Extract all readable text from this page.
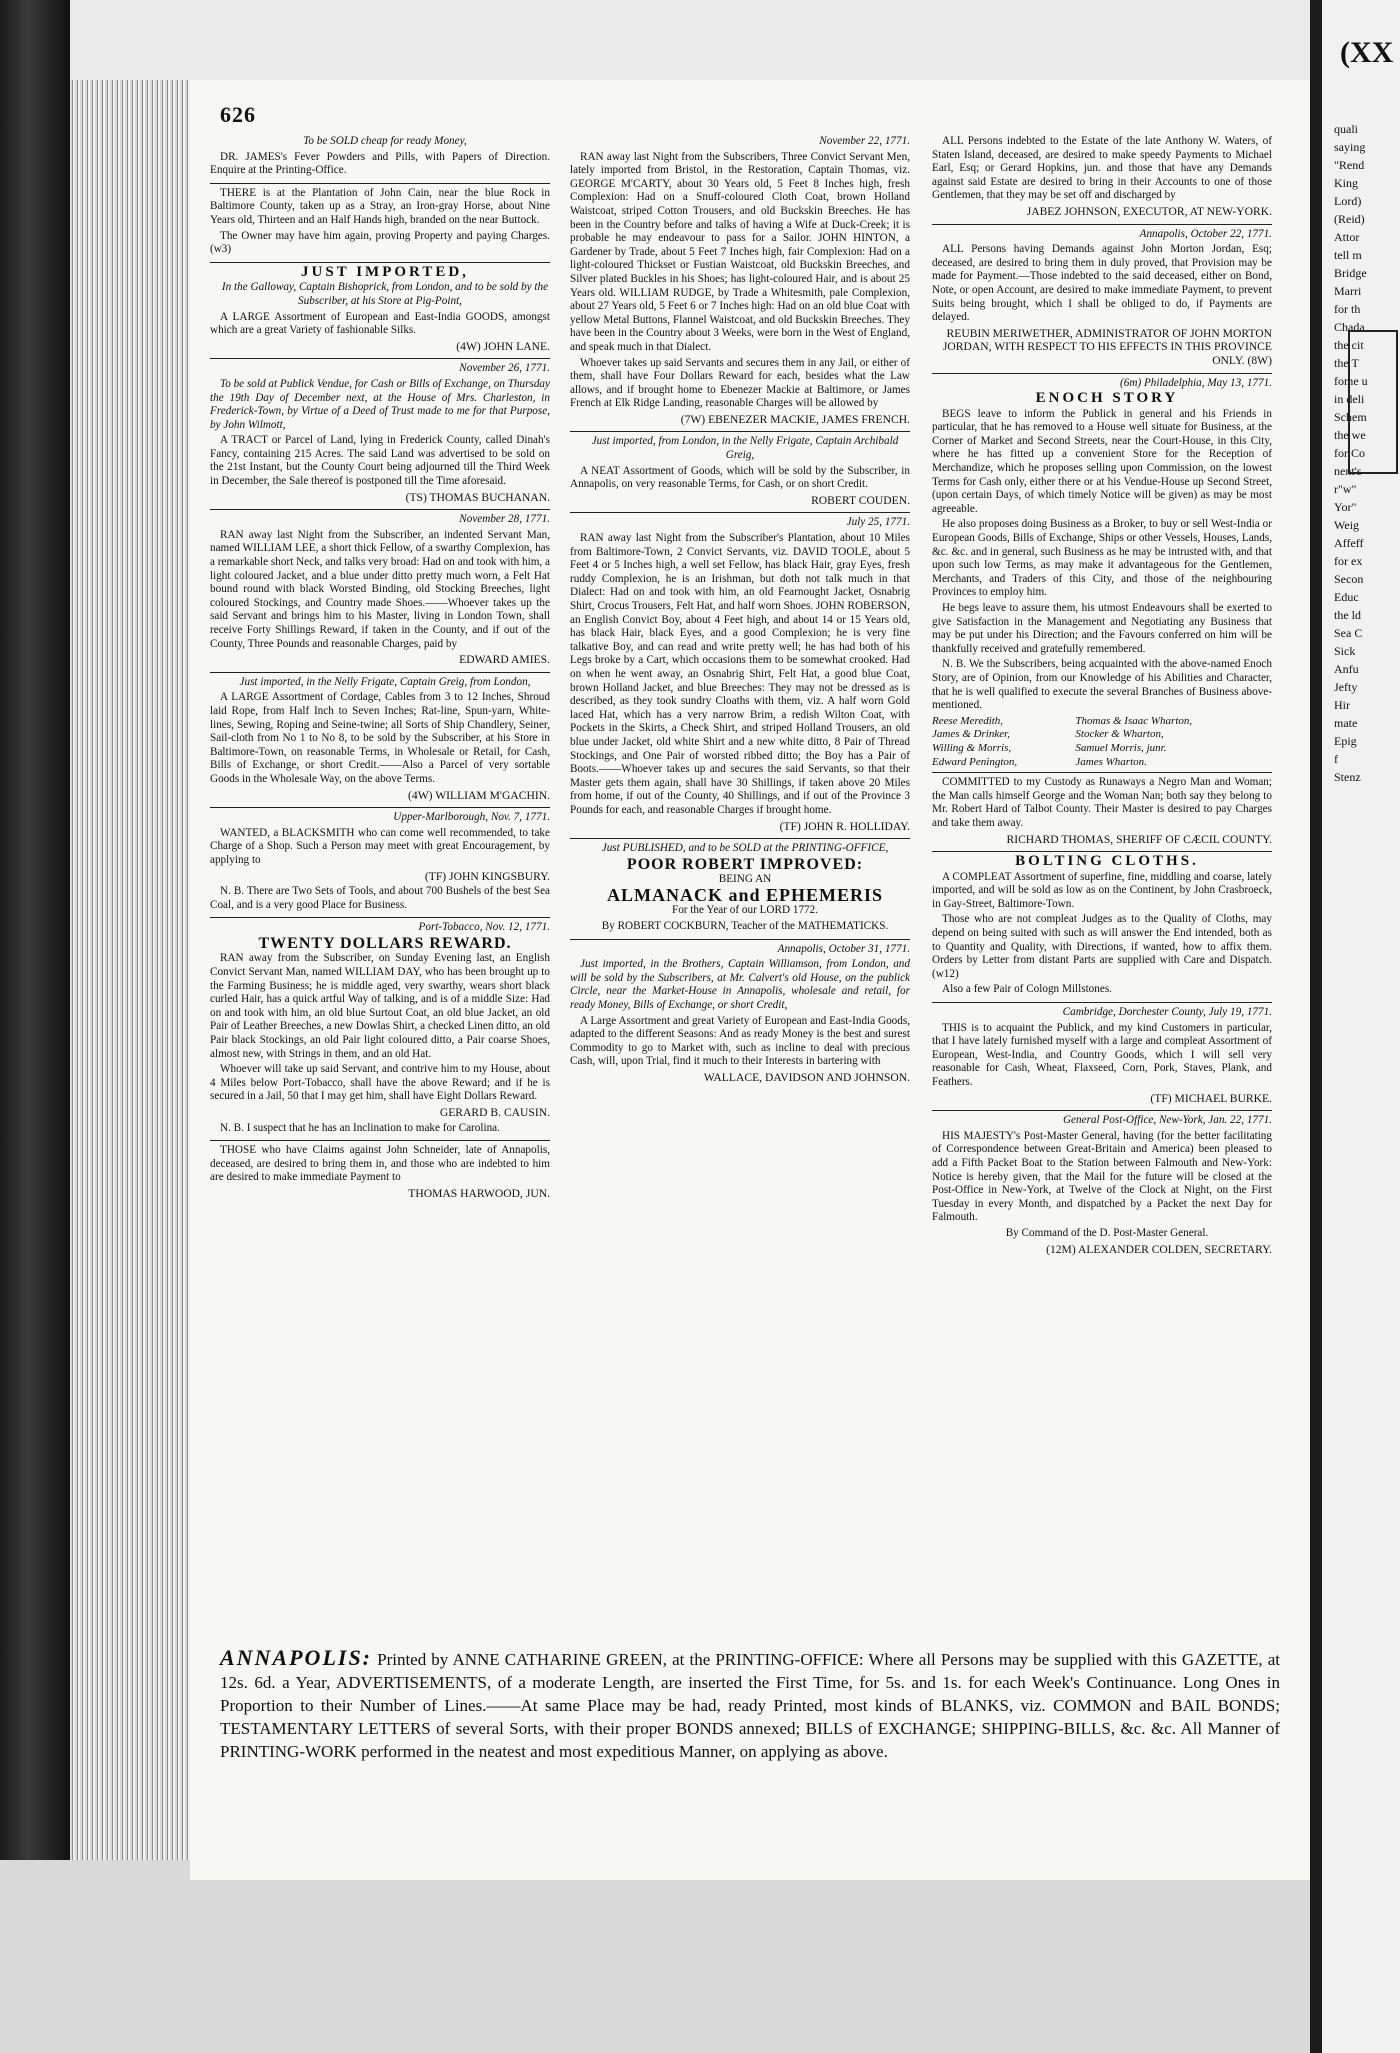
626

To be SOLD cheap for ready Money,

DR. JAMES's Fever Powders and Pills, with Papers of Direction. Enquire at the Printing-Office.

THERE is at the Plantation of John Cain, near the blue Rock in Baltimore County, taken up as a Stray, an Iron-gray Horse, about Nine Years old, Thirteen and an Half Hands high, branded on the near Buttock.

The Owner may have him again, proving Property and paying Charges. (w3)

JUST IMPORTED,

In the Galloway, Captain Bishoprick, from London, and to be sold by the Subscriber, at his Store at Pig-Point,

A LARGE Assortment of European and East-India GOODS, amongst which are a great Variety of fashionable Silks.

(4W) JOHN LANE.

November 26, 1771.

To be sold at Publick Vendue, for Cash or Bills of Exchange, on Thursday the 19th Day of December next, at the House of Mrs. Charleston, in Frederick-Town, by Virtue of a Deed of Trust made to me for that Purpose, by John Wilmott,

A TRACT or Parcel of Land, lying in Frederick County, called Dinah's Fancy, containing 215 Acres. The said Land was advertised to be sold on the 21st Instant, but the County Court being adjourned till the Third Week in December, the Sale thereof is postponed till the Time aforesaid.

(TS) THOMAS BUCHANAN.

November 28, 1771.

RAN away last Night from the Subscriber, an indented Servant Man, named WILLIAM LEE, a short thick Fellow, of a swarthy Complexion, has a remarkable short Neck, and talks very broad: Had on and took with him, a light coloured Jacket, and a blue under ditto pretty much worn, a Felt Hat bound round with black Worsted Binding, old Stocking Breeches, light coloured Stockings, and Country made Shoes.——Whoever takes up the said Servant and brings him to his Master, living in London Town, shall receive Forty Shillings Reward, if taken in the County, and if out of the County, Three Pounds and reasonable Charges, paid by

EDWARD AMIES.

Just imported, in the Nelly Frigate, Captain Greig, from London,

A LARGE Assortment of Cordage, Cables from 3 to 12 Inches, Shroud laid Rope, from Half Inch to Seven Inches; Rat-line, Spun-yarn, White-lines, Sewing, Roping and Seine-twine; all Sorts of Ship Chandlery, Seiner, Sail-cloth from No 1 to No 8, to be sold by the Subscriber, at his Store in Baltimore-Town, on reasonable Terms, in Wholesale or Retail, for Cash, Bills of Exchange, or short Credit.——Also a Parcel of very sortable Goods in the Wholesale Way, on the above Terms.

(4W) WILLIAM M'GACHIN.

Upper-Marlborough, Nov. 7, 1771.

WANTED, a BLACKSMITH who can come well recommended, to take Charge of a Shop. Such a Person may meet with great Encouragement, by applying to

(TF) JOHN KINGSBURY.

N. B. There are Two Sets of Tools, and about 700 Bushels of the best Sea Coal, and is a very good Place for Business.

Port-Tobacco, Nov. 12, 1771.

TWENTY DOLLARS REWARD.

RAN away from the Subscriber, on Sunday Evening last, an English Convict Servant Man, named WILLIAM DAY, who has been brought up to the Farming Business; he is middle aged, very swarthy, wears short black curled Hair, has a quick artful Way of talking, and is of a middle Size: Had on and took with him, an old blue Surtout Coat, an old blue Jacket, an old Pair of Leather Breeches, a new Dowlas Shirt, a checked Linen ditto, an old Pair black Stockings, an old Pair light coloured ditto, a Pair coarse Shoes, almost new, with Strings in them, and an old Hat.

Whoever will take up said Servant, and contrive him to my House, about 4 Miles below Port-Tobacco, shall have the above Reward; and if he is secured in a Jail, 50 that I may get him, shall have Eight Dollars Reward.

GERARD B. CAUSIN.

N. B. I suspect that he has an Inclination to make for Carolina.

THOSE who have Claims against John Schneider, late of Annapolis, deceased, are desired to bring them in, and those who are indebted to him are desired to make immediate Payment to

THOMAS HARWOOD, JUN.

November 22, 1771.

RAN away last Night from the Subscribers, Three Convict Servant Men, lately imported from Bristol, in the Restoration, Captain Thomas, viz. GEORGE M'CARTY, about 30 Years old, 5 Feet 8 Inches high, fresh Complexion: Had on a Snuff-coloured Cloth Coat, brown Holland Waistcoat, striped Cotton Trousers, and old Buckskin Breeches. He has been in the Country before and talks of having a Wife at Duck-Creek; it is probable he may endeavour to pass for a Sailor. JOHN HINTON, a Gardener by Trade, about 5 Feet 7 Inches high, fair Complexion: Had on a light-coloured Thickset or Fustian Waistcoat, old Buckskin Breeches, and Silver plated Buckles in his Shoes; has light-coloured Hair, and is about 25 Years old. WILLIAM RUDGE, by Trade a Whitesmith, pale Complexion, about 27 Years old, 5 Feet 6 or 7 Inches high: Had on an old blue Coat with yellow Metal Buttons, Flannel Waistcoat, and old Buckskin Breeches. They have been in the Country about 3 Weeks, were born in the West of England, and speak much in that Dialect.

Whoever takes up said Servants and secures them in any Jail, or either of them, shall have Four Dollars Reward for each, besides what the Law allows, and if brought home to Ebenezer Mackie at Baltimore, or James French at Elk Ridge Landing, reasonable Charges will be allowed by

(7W) EBENEZER MACKIE, JAMES FRENCH.

Just imported, from London, in the Nelly Frigate, Captain Archibald Greig,

A NEAT Assortment of Goods, which will be sold by the Subscriber, in Annapolis, on very reasonable Terms, for Cash, or on short Credit.

ROBERT COUDEN.

July 25, 1771.

RAN away last Night from the Subscriber's Plantation, about 10 Miles from Baltimore-Town, 2 Convict Servants, viz. DAVID TOOLE, about 5 Feet 4 or 5 Inches high, a well set Fellow, has black Hair, gray Eyes, fresh ruddy Complexion, he is an Irishman, but doth not talk much in that Dialect: Had on and took with him, an old Fearnought Jacket, Osnabrig Shirt, Crocus Trousers, Felt Hat, and half worn Shoes. JOHN ROBERSON, an English Convict Boy, about 4 Feet high, and about 14 or 15 Years old, has black Hair, black Eyes, and a good Complexion; he is very fine talkative Boy, and can read and write pretty well; he has had both of his Legs broke by a Cart, which occasions them to be somewhat crooked. Had on when he went away, an Osnabrig Shirt, Felt Hat, a good blue Coat, brown Holland Jacket, and blue Breeches: They may not be dressed as is described, as they took sundry Cloaths with them, viz. A half worn Gold laced Hat, which has a very narrow Brim, a redish Wilton Coat, with Pockets in the Skirts, a Check Shirt, and striped Holland Trousers, an old blue under Jacket, old white Shirt and a new white ditto, 8 Pair of Thread Stockings, and One Pair of worsted ribbed ditto; the Boy has a Pair of Boots.——Whoever takes up and secures the said Servants, so that their Master gets them again, shall have 30 Shillings, if taken above 20 Miles from home, if out of the County, 40 Shillings, and if out of the Province 3 Pounds for each, and reasonable Charges if brought home.

(TF) JOHN R. HOLLIDAY.

Just PUBLISHED, and to be SOLD at the PRINTING-OFFICE,

POOR ROBERT IMPROVED:

BEING AN

ALMANACK and EPHEMERIS

For the Year of our LORD 1772.

By ROBERT COCKBURN, Teacher of the MATHEMATICKS.

Annapolis, October 31, 1771.

Just imported, in the Brothers, Captain Williamson, from London, and will be sold by the Subscribers, at Mr. Calvert's old House, on the publick Circle, near the Market-House in Annapolis, wholesale and retail, for ready Money, Bills of Exchange, or short Credit,

A Large Assortment and great Variety of European and East-India Goods, adapted to the different Seasons: And as ready Money is the best and surest Commodity to go to Market with, such as incline to deal with precious Cash, will, upon Trial, find it much to their Interests in bartering with

WALLACE, DAVIDSON AND JOHNSON.

ALL Persons indebted to the Estate of the late Anthony W. Waters, of Staten Island, deceased, are desired to make speedy Payments to Michael Earl, Esq; or Gerard Hopkins, jun. and those that have any Demands against said Estate are desired to bring in their Accounts to one of those Gentlemen, that they may be set off and discharged by

JABEZ JOHNSON, EXECUTOR, AT NEW-YORK.

Annapolis, October 22, 1771.

ALL Persons having Demands against John Morton Jordan, Esq; deceased, are desired to bring them in duly proved, that Provision may be made for Payment.—Those indebted to the said deceased, either on Bond, Note, or open Account, are desired to make immediate Payment, to prevent Suits being brought, which I shall be obliged to do, if Payments are delayed.

REUBIN MERIWETHER, ADMINISTRATOR OF JOHN MORTON JORDAN, WITH RESPECT TO HIS EFFECTS IN THIS PROVINCE ONLY. (8W)

(6m) Philadelphia, May 13, 1771.

ENOCH STORY

BEGS leave to inform the Publick in general and his Friends in particular, that he has removed to a House well situate for Business, at the Corner of Market and Second Streets, near the Court-House, in this City, where he has fitted up a convenient Store for the Reception of Merchandize, which he proposes selling upon Commission, on the lowest Terms for Cash only, either there or at his Vendue-House up Second Street, (upon certain Days, of which timely Notice will be given) as may be most agreeable.

He also proposes doing Business as a Broker, to buy or sell West-India or European Goods, Bills of Exchange, Ships or other Vessels, Houses, Lands, &c. &c. and in general, such Business as he may be intrusted with, and that upon such low Terms, as may make it advantageous for the Gentlemen, Merchants, and Traders of this City, and those of the neighbouring Provinces to employ him.

He begs leave to assure them, his utmost Endeavours shall be exerted to give Satisfaction in the Management and Negotiating any Business that may be put under his Direction; and the Favours conferred on him will be thankfully received and gratefully remembered.

N. B. We the Subscribers, being acquainted with the above-named Enoch Story, are of Opinion, from our Knowledge of his Abilities and Character, that he is well qualified to execute the several Branches of Business above-mentioned.

Reese Meredith,	Thomas & Isaac Wharton,
James & Drinker,	Stocker & Wharton,
Willing & Morris,	Samuel Morris, junr.
Edward Penington,	James Wharton.

COMMITTED to my Custody as Runaways a Negro Man and Woman; the Man calls himself George and the Woman Nan; both say they belong to Mr. Robert Hard of Talbot County. Their Master is desired to pay Charges and take them away.

RICHARD THOMAS, SHERIFF OF CÆCIL COUNTY.

BOLTING CLOTHS.

A COMPLEAT Assortment of superfine, fine, middling and coarse, lately imported, and will be sold as low as on the Continent, by John Crasbroeck, in Gay-Street, Baltimore-Town.

Those who are not compleat Judges as to the Quality of Cloths, may depend on being suited with such as will answer the End intended, both as to Quantity and Quality, with Directions, if wanted, how to affix them. Orders by Letter from distant Parts are supplied with Care and Dispatch. (w12)

Also a few Pair of Cologn Millstones.

Cambridge, Dorchester County, July 19, 1771.

THIS is to acquaint the Publick, and my kind Customers in particular, that I have lately furnished myself with a large and compleat Assortment of European, West-India, and Country Goods, which I will sell very reasonable for Cash, Wheat, Flaxseed, Corn, Pork, Staves, Plank, and Feathers.

(TF) MICHAEL BURKE.

General Post-Office, New-York, Jan. 22, 1771.

HIS MAJESTY's Post-Master General, having (for the better facilitating of Correspondence between Great-Britain and America) been pleased to add a Fifth Packet Boat to the Station between Falmouth and New-York: Notice is hereby given, that the Mail for the future will be closed at the Post-Office in New-York, at Twelve of the Clock at Night, on the First Tuesday in every Month, and dispatched by a Packet the next Day for Falmouth.

By Command of the D. Post-Master General.

(12M) ALEXANDER COLDEN, SECRETARY.

ANNAPOLIS: Printed by ANNE CATHARINE GREEN, at the PRINTING-OFFICE: Where all Persons may be supplied with this GAZETTE, at 12s. 6d. a Year, ADVERTISEMENTS, of a moderate Length, are inserted the First Time, for 5s. and 1s. for each Week's Continuance. Long Ones in Proportion to their Number of Lines.——At same Place may be had, ready Printed, most kinds of BLANKS, viz. COMMON and BAIL BONDS; TESTAMENTARY LETTERS of several Sorts, with their proper BONDS annexed; BILLS of EXCHANGE; SHIPPING-BILLS, &c. &c. All Manner of PRINTING-WORK performed in the neatest and most expeditious Manner, on applying as above.
(XX
quali
saying
"Rend
King
Lord)
(Reid)
Attor
tell m
Bridge
Marri
for th
Chada
the cit
the T
fome u
in deli
Schem
the we
for Co
nent's
r"w"
Yor"
Weig
Affeff
for ex
Secon
Educ
the ld
Sea C
Sick
Anfu
Jefty
Hir
mate
Epig
f
Stenz
